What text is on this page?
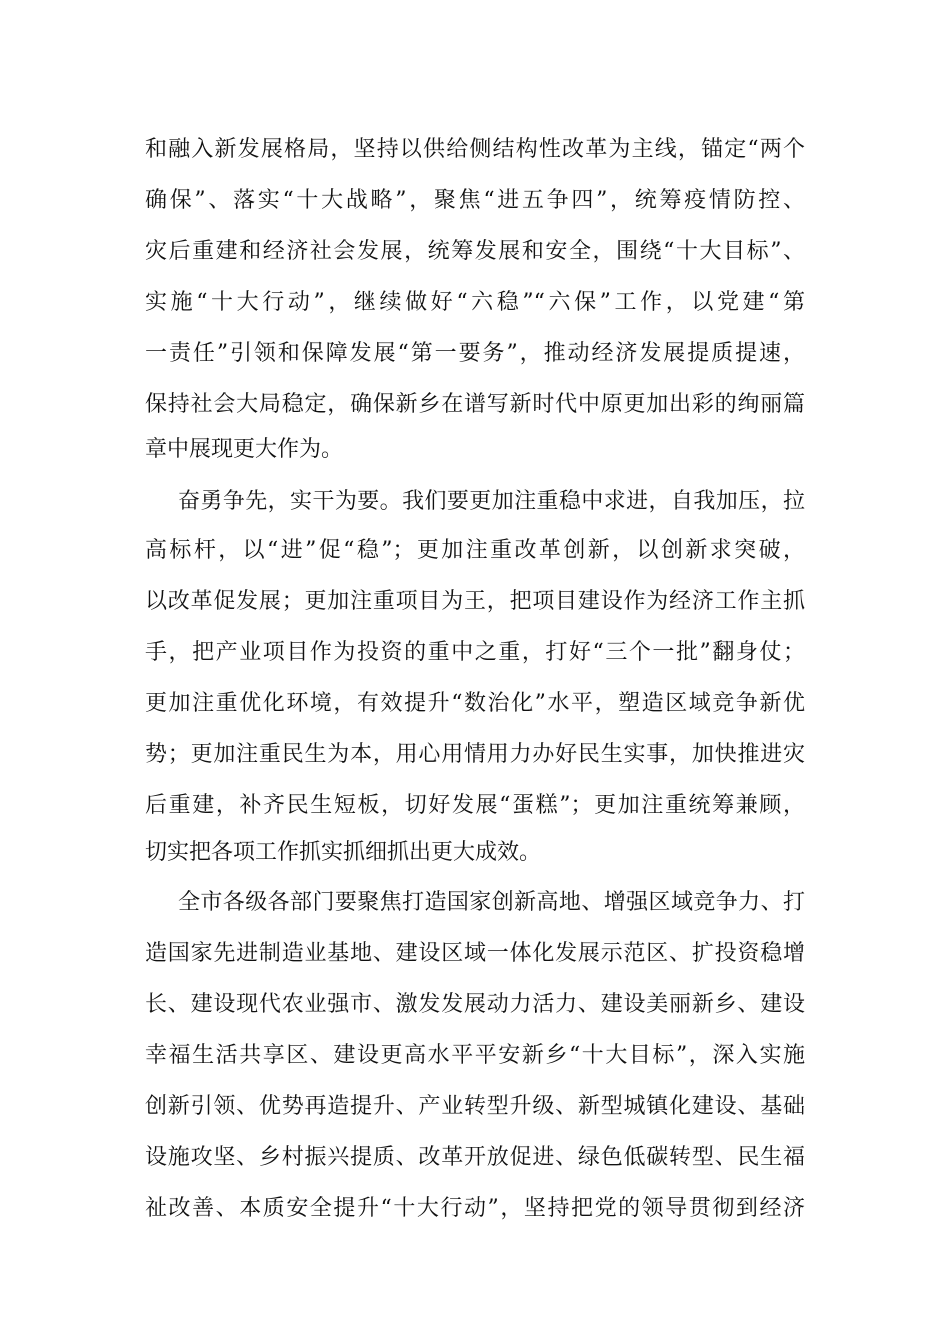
和融入新发展格局，坚持以供给侧结构性改革为主线，锚定“两个
确保”、落实“十大战略”，聚焦“进五争四”，统筹疫情防控、
灾后重建和经济社会发展，统筹发展和安全，围绕“十大目标”、
实施“十大行动”，继续做好“六稳”“六保”工作，以党建“第
一责任”引领和保障发展“第一要务”，推动经济发展提质提速，
保持社会大局稳定，确保新乡在谱写新时代中原更加出彩的绚丽篇
章中展现更大作为。
奋勇争先，实干为要。我们要更加注重稳中求进，自我加压，拉
高标杆，以“进”促“稳”；更加注重改革创新，以创新求突破，
以改革促发展；更加注重项目为王，把项目建设作为经济工作主抓
手，把产业项目作为投资的重中之重，打好“三个一批”翻身仗；
更加注重优化环境，有效提升“数治化”水平，塑造区域竞争新优
势；更加注重民生为本，用心用情用力办好民生实事，加快推进灾
后重建，补齐民生短板，切好发展“蛋糕”；更加注重统筹兼顾，
切实把各项工作抓实抓细抓出更大成效。
全市各级各部门要聚焦打造国家创新高地、增强区域竞争力、打
造国家先进制造业基地、建设区域一体化发展示范区、扩投资稳增
长、建设现代农业强市、激发发展动力活力、建设美丽新乡、建设
幸福生活共享区、建设更高水平平安新乡“十大目标”，深入实施
创新引领、优势再造提升、产业转型升级、新型城镇化建设、基础
设施攻坚、乡村振兴提质、改革开放促进、绿色低碳转型、民生福
祉改善、本质安全提升“十大行动”，坚持把党的领导贯彻到经济
